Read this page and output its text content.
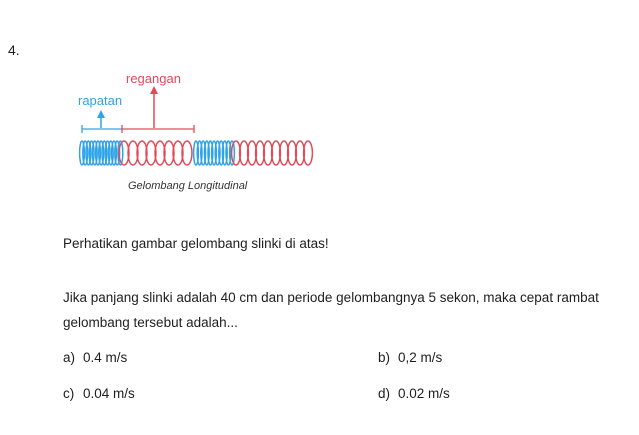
4.
regangan
rapatan
Gelombang Longitudinal
Perhatikan gambar gelombang slinki di atas!
Jika panjang slinki adalah 40 cm dan periode gelombangnya 5 sekon, maka cepat rambat gelombang tersebut adalah...
a) 0.4 m/s	b) 0,2 m/s
c) 0.04 m/s	d) 0.02 m/s
